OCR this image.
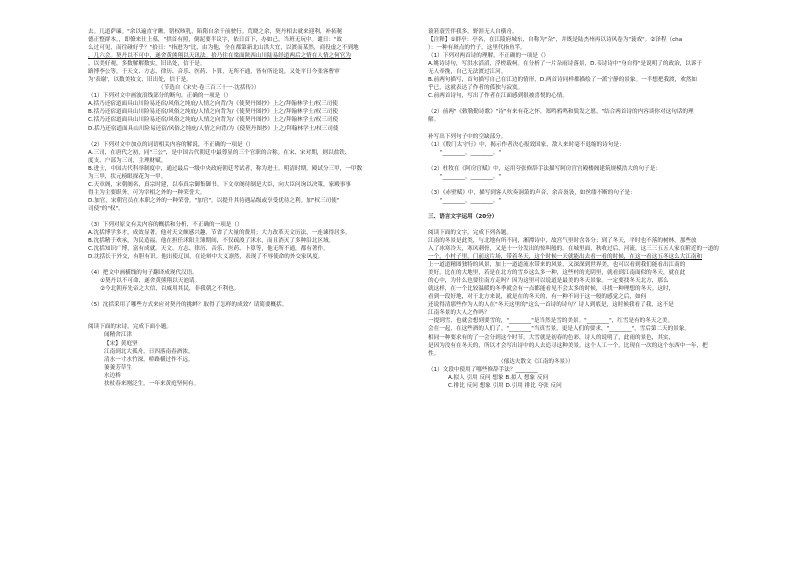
去。几道萨廉。"余以遍直守瞅，错权咳乳，陷隋自余干前驶行。荒晓之余，契丹相去就来迎利，补拓秘
德正整群本。，即僚来仕上墓，"拱首有照，倒泥要半议字，依日首下，办如己。当班无玩中。谴日："故
么过可见，而往碰好乎？"拾日："指进为"比，由为他，全在都第新北山洪大宜，以渡而某然，商役虚之不到地
，几六会。契丹以不可中，遂舍黄熊翔以天讯法。拾乃往在梁面陕西山川陆易经道两后之情在人情之何官为
。以美好观，多数解解数实，旧出处，信于是。
路博李公等，于天文、方志、律历、音乐、医药、卜算，无所不通，皆有所论说。又处平日今张客曹审
为'表谢'，以数美妆文，旧出处，信于是。
（节选自《宋史·卷三百三十一·沈括传》）
（1）下列对文中画波浪线部分的断句，正确的一项是（）
A.括乃还宿道面具山川险易还宿/风俗之纯庇/人情之向背/为《使契丹图抄》上之/拜翰林学士/权三司使
B.括乃还宿道面具山川险易还宿/风俗之纯庇/人情之向背为/《使契丹图抄》上之/拜翰林学士/权三司使
C.括乃还宿道面具山川险易还宿/风俗之纯庇/人情之向背为/《使契丹图抄》上之/拜翰林学士/权三司使
D.括乃还宿道面具山川险易还宿/风俗之纯庇/人情之向背/为《使契丹图抄》上之/拜翰林学士/权三司使
（2）下列对文中加点的词语相关内容的解说，不正确的一项是（）
A.三司，在唐代之初，同"三公"，是中国古代朝廷中最尊显的三个官职的合称。在宋、宋对期，则以盐铁、
度支、户部为三司，主理财赋。
B.进士，中国古代科举制度中，通过最后一级中央政府朝廷考试者，称为进士。明清时期，殿试分三甲，一甲数
为三甲，状元榜眼探花为一甲。
C.天章阁，宋朝阁名，真宗时建，以奉真宗御集御书。下文章阁待制是大臣，向大臣问询以决策，家殿事事
得主为主要职务，可为宰相之外的一种荣誉大。
D.加官，宋朝官员在本职之外的一种荣誉。"加官"，以提升其待遇品级或享受优待之利。加"权三司使"
司使"的"权"。
（3）下列对原文有关内容的概括和分析，不正确的一项是（）
A.沈括博学多才，成效显著。他对天文颇感兴趣，节省了大量的费用；大力改革天文历法，一连谏得居多。
B.沈括精于欢承，为民造福。他在担任沭阳主簿期间，不仅疏浚了沭水，而且消灭了多种沿北区域。
C.沈括知识广博，富有成就。天文、方志、律历、音乐、医药、卜算等，他无所不通，都有著作。
D.沈括长于外交，有胆有识。他出使辽国，在论辩中大义凛然，表现了不辱使命的外交家风度。
（4）把文中画横线的句子翻译成现代汉语。
①契丹以不可命，遂舍黄熊翔以天池请。
②今北朝弃先帝之大信，以威用其民，非我朝之不利也。
（5）沈括采用了哪些方式来应对契丹的挑衅？取得了怎样的成效？请简要概括。
阅读下面的宋诗，完成下面小题。
闻精舍江津
【宋】黄庭坚
江南到北大孤舟，日四落南春酒浓。
清水一寸水竹深，桥路横过作不远。
萋萋芳草生
水边桥
扶杖春来刚泛生，一年来黄庭坚何有。
蓑箬蓑笠伴我多，野涯无人自横舟。
【注释】①群亭：亭名，在江陵府城东，自称为"杂"，并既是陆杰州再以诗风卷为"蓑戏"。②泽程（cha
）：一种有斑点的竹子，这里代指鱼竿。
（1）下列对两首诗的理解，不正确的一项是（）
A.姚诗诗句，写洪水滔滔，浮槎载柯。在分析了一片杂雨诗落景，D.韦诗诗中"身自得"是说明了的政治，以诉于
无人牵挽，自己无法渡过江河。
B.前两句描写，首句描写自己在江边的情形，D.两首诗同样都描绘了一派宁静的景象。一半想把我渡，欢然如
乎已，这就表达了作者的孤独与寂寞。
C.前两首诗句，写出了作者在江面感到很被喜悦的心情。
（2）前两"《敕勒勤诗歌》"诗"有来有花之怀，郑鸣鸦鸣和鬓发之愿。"结合两首诗的内容谈你对这句话的理
解。
补写出下列句子中的空缺部分。
（1）《殷门太守行》中，揭示作者决心报效国家，敌人来时毫不退缩的诗句是：
"________，________。"
（2）杜牧在《阿房宫赋》中，运用夸张修辞手法描写阿房宫宫殿楼阁建筑规模浩大的句子是：
"________，________。"
（3）《赤壁赋》中，描写到客人吹奏洞箫的声音，余音袅袅，如丝缕不断的句子是：
"________，________。"
三、语言文字运用（20分）
阅读下面的文字，完成下列各题。
江南的冬景是此类，与北地有所不同，湘潭诗中，故宫气里时含各分；到了冬天，平时也不落的树林，那些放
入了冰寒冷天，寒风刺骨，又是十一分发出的惊叫般的。在城里面，秋收过后，河流，这三三五五人家在附近的一道的
一个，小村子里，门前这片场，带着冬天，这个时候一天就能出去看一看的时候，在这一看这五冬这么大江南和
上一道道精图独特的风景，加上一道道流水带来的风景，又深深到世界美，也可以看到我们能看出江南的
美好。比在的大地里，若是在北方的雪乡这么多一种，这些村的光阴里，就看到江南面似的冬天，就在此
的心中，为什么也要往南方走吗？因为这里可以说道是最美的冬天景象。一定要找冬天北方，那么
就这样，在一个比较温暖的冬季就会有一点都能看见不会太多的时候，寻找一种理想的冬天。这时，
看到一段好地，对于北方来说，就是在的冬天的，有一种不同于这一般的感觉之后，如何
还说得清那些作为人的人在"冬天这里的"这么一首诗的诗句？诗人到底是，这时候我看了我，这不是
江南冬景的大人之作吗？
一提到雪，也就会想到要雪的，"________"是当然是雪的美景。"________"，红雪是有的冬天之美。
会在一起，在这些酒的人们了。"________"当真雪景，更是人们的要求，"________"，雪后第二天的景象。
相同一种要求有的了一会分到这个时节，大雪就是初春的色彩，诗人的说明了，此雨的景色，其实，
是因为没有在冬天的，所以才会写出诗中的人去追寻这种美景。这个人工一个，比现在一次的这个东西中一年，把
性。
（郁达夫散文《江南的冬景》）
（1）文段中使用了哪些修辞手法？________
A.拟人 引用 反问 想象 B.拟人 想象 反问
C.排比 反问 想象 引用 D.引用 排比 夸张 反问
